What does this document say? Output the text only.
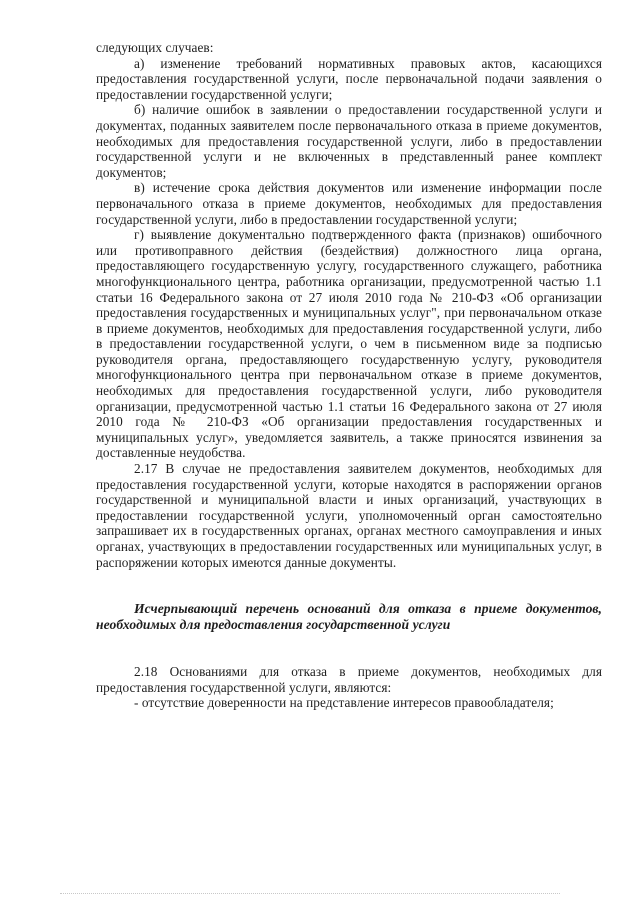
следующих случаев:

а) изменение требований нормативных правовых актов, касающихся предоставления государственной услуги, после первоначальной подачи заявления о предоставлении государственной услуги;

б) наличие ошибок в заявлении о предоставлении государственной услуги и документах, поданных заявителем после первоначального отказа в приеме документов, необходимых для предоставления государственной услуги, либо в предоставлении государственной услуги и не включенных в представленный ранее комплект документов;

в) истечение срока действия документов или изменение информации после первоначального отказа в приеме документов, необходимых для предоставления государственной услуги, либо в предоставлении государственной услуги;

г) выявление документально подтвержденного факта (признаков) ошибочного или противоправного действия (бездействия) должностного лица органа, предоставляющего государственную услугу, государственного служащего, работника многофункционального центра, работника организации, предусмотренной частью 1.1 статьи 16 Федерального закона от 27 июля 2010 года № 210-ФЗ «Об организации предоставления государственных и муниципальных услуг", при первоначальном отказе в приеме документов, необходимых для предоставления государственной услуги, либо в предоставлении государственной услуги, о чем в письменном виде за подписью руководителя органа, предоставляющего государственную услугу, руководителя многофункционального центра при первоначальном отказе в приеме документов, необходимых для предоставления государственной услуги, либо руководителя организации, предусмотренной частью 1.1 статьи 16 Федерального закона от 27 июля 2010 года № 210-ФЗ «Об организации предоставления государственных и муниципальных услуг», уведомляется заявитель, а также приносятся извинения за доставленные неудобства.

2.17 В случае не предоставления заявителем документов, необходимых для предоставления государственной услуги, которые находятся в распоряжении органов государственной и муниципальной власти и иных организаций, участвующих в предоставлении государственной услуги, уполномоченный орган самостоятельно запрашивает их в государственных органах, органах местного самоуправления и иных органах, участвующих в предоставлении государственных или муниципальных услуг, в распоряжении которых имеются данные документы.

Исчерпывающий перечень оснований для отказа в приеме документов, необходимых для предоставления государственной услуги

2.18 Основаниями для отказа в приеме документов, необходимых для предоставления государственной услуги, являются:

- отсутствие доверенности на представление интересов правообладателя;
